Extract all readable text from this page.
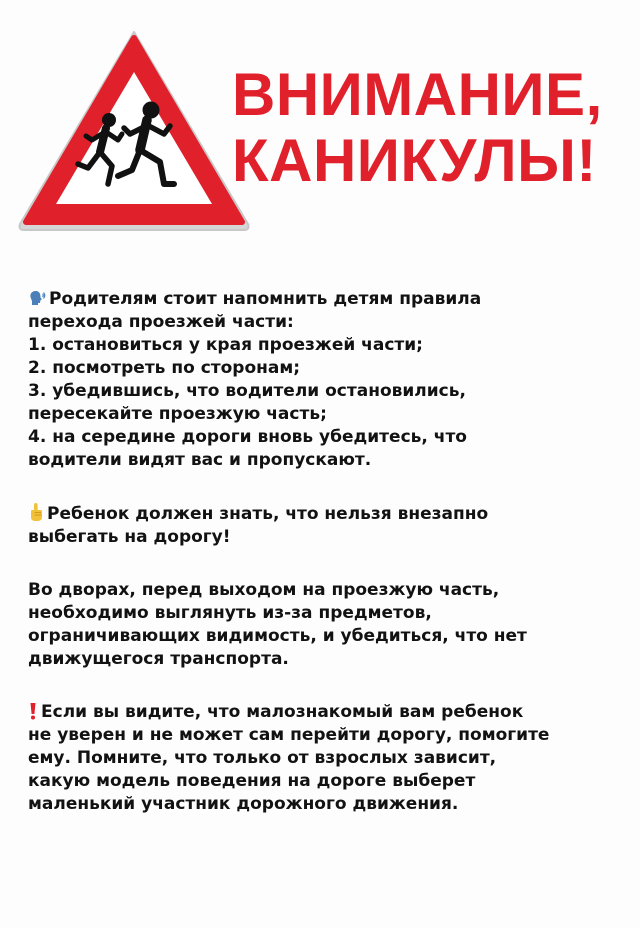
ВНИМАНИЕ,
КАНИКУЛЫ!
Родителям стоит напомнить детям правила
перехода проезжей части:
1. остановиться у края проезжей части;
2. посмотреть по сторонам;
3. убедившись, что водители остановились,
пересекайте проезжую часть;
4. на середине дороги вновь убедитесь, что
водители видят вас и пропускают.
Ребенок должен знать, что нельзя внезапно
выбегать на дорогу!
Во дворах, перед выходом на проезжую часть,
необходимо выглянуть из-за предметов,
ограничивающих видимость, и убедиться, что нет
движущегося транспорта.
Если вы видите, что малознакомый вам ребенок
не уверен и не может сам перейти дорогу, помогите
ему. Помните, что только от взрослых зависит,
какую модель поведения на дороге выберет
маленький участник дорожного движения.
